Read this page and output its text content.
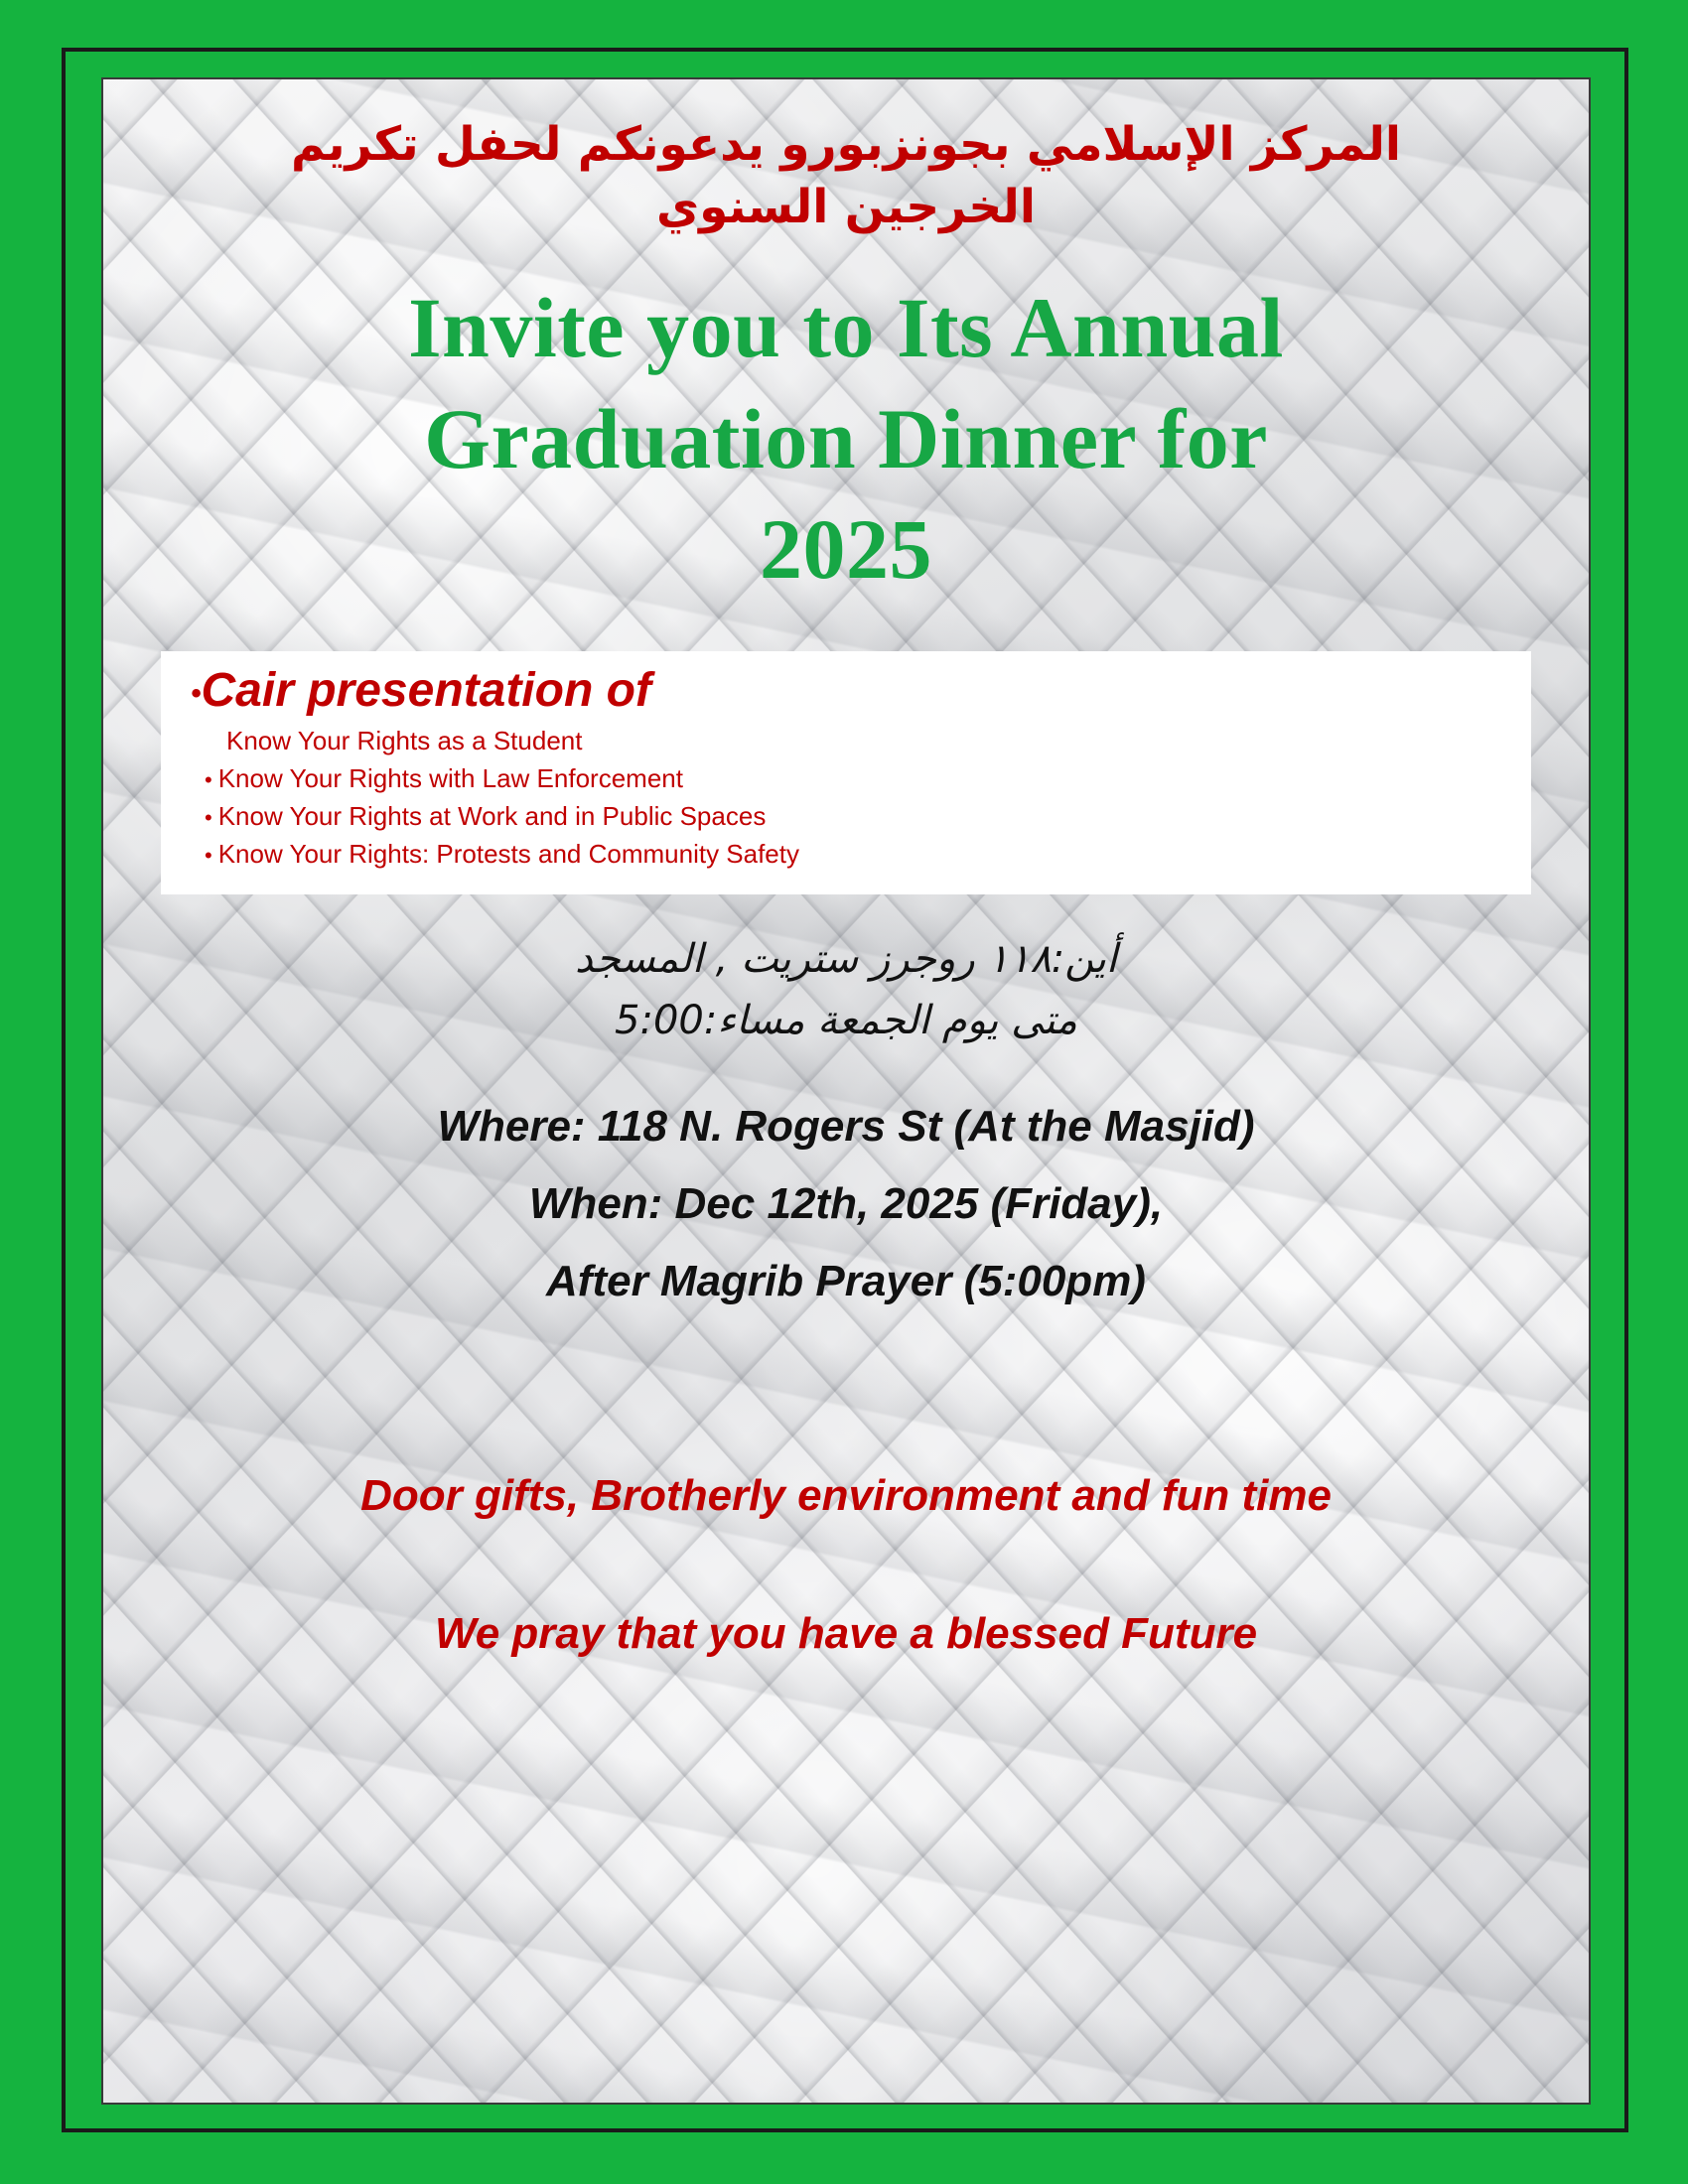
المركز الإسلامي بجونزبورو يدعونكم لحفل تكريم
الخرجين السنوي
Invite you to Its Annual
Graduation Dinner for
2025
•Cair presentation of
Know Your Rights as a Student
• Know Your Rights with Law Enforcement
• Know Your Rights at Work and in Public Spaces
• Know Your Rights: Protests and Community Safety
أين:١١٨ روجرز ستريت , المسجد
متى يوم الجمعة مساء:5:00
Where: 118 N. Rogers St (At the Masjid)
When: Dec 12th, 2025 (Friday),
After Magrib Prayer (5:00pm)
Door gifts, Brotherly environment and fun time
We pray that you have a blessed Future
